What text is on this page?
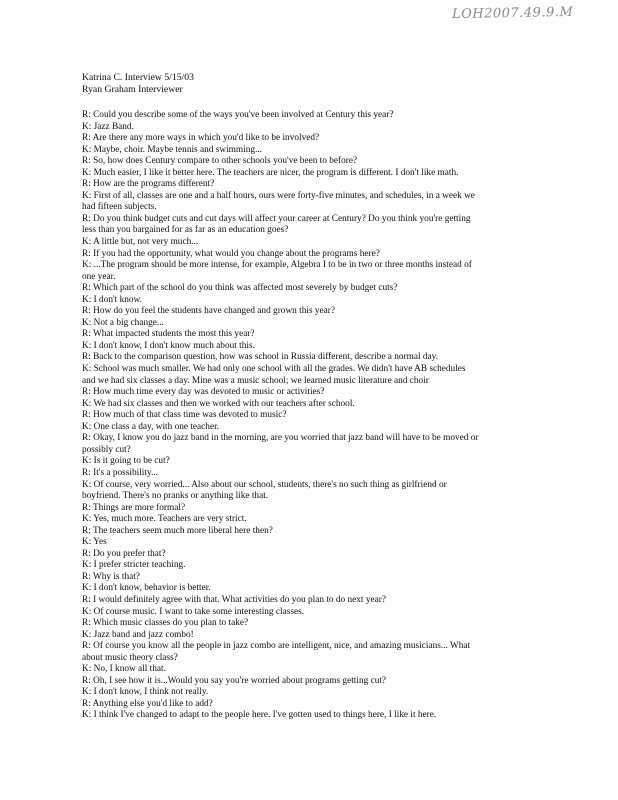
LOH2007.49.9.M
Katrina C. Interview 5/15/03
Ryan Graham Interviewer

R: Could you describe some of the ways you've been involved at Century this year?

K: Jazz Band.

R: Are there any more ways in which you'd like to be involved?

K: Maybe, choir. Maybe tennis and swimming...

R: So, how does Century compare to other schools you've been to before?

K: Much easier, I like it better here. The teachers are nicer, the program is different. I don't like math.

R: How are the programs different?

K: First of all, classes are one and a half hours, ours were forty-five minutes, and schedules, in a week we

had fifteen subjects.

R: Do you think budget cuts and cut days will affect your career at Century? Do you think you're getting

less than you bargained for as far as an education goes?

K: A little but, not very much...

R: If you had the opportunity, what would you change about the programs here?

K: ...The program should be more intense, for example, Algebra I to be in two or three months instead of

one year.

R: Which part of the school do you think was affected most severely by budget cuts?

K: I don't know.

R: How do you feel the students have changed and grown this year?

K: Not a big change...

R: What impacted students the most this year?

K: I don't know, I don't know much about this.

R: Back to the comparison question, how was school in Russia different, describe a normal day.

K: School was much smaller. We had only one school with all the grades. We didn't have AB schedules

and we had six classes a day. Mine was a music school; we learned music literature and choir

R: How much time every day was devoted to music or activities?

K: We had six classes and then we worked with our teachers after school.

R: How much of that class time was devoted to music?

K: One class a day, with one teacher.

R: Okay, I know you do jazz band in the morning, are you worried that jazz band will have to be moved or

possibly cut?

K: Is it going to be cut?

R: It's a possibility...

K: Of course, very worried... Also about our school, students, there's no such thing as girlfriend or

boyfriend. There's no pranks or anything like that.

R: Things are more formal?

K: Yes, much more. Teachers are very strict.

R: The teachers seem much more liberal here then?

K: Yes

R: Do you prefer that?

K: I prefer stricter teaching.

R: Why is that?

K: I don't know, behavior is better.

R: I would definitely agree with that. What activities do you plan to do next year?

K: Of course music. I want to take some interesting classes.

R: Which music classes do you plan to take?

K: Jazz band and jazz combo!

R: Of course you know all the people in jazz combo are intelligent, nice, and amazing musicians... What

about music theory class?

K: No, I know all that.

R: Oh, I see how it is...Would you say you're worried about programs getting cut?

K: I don't know, I think not really.

R: Anything else you'd like to add?

K: I think I've changed to adapt to the people here. I've gotten used to things here, I like it here.
